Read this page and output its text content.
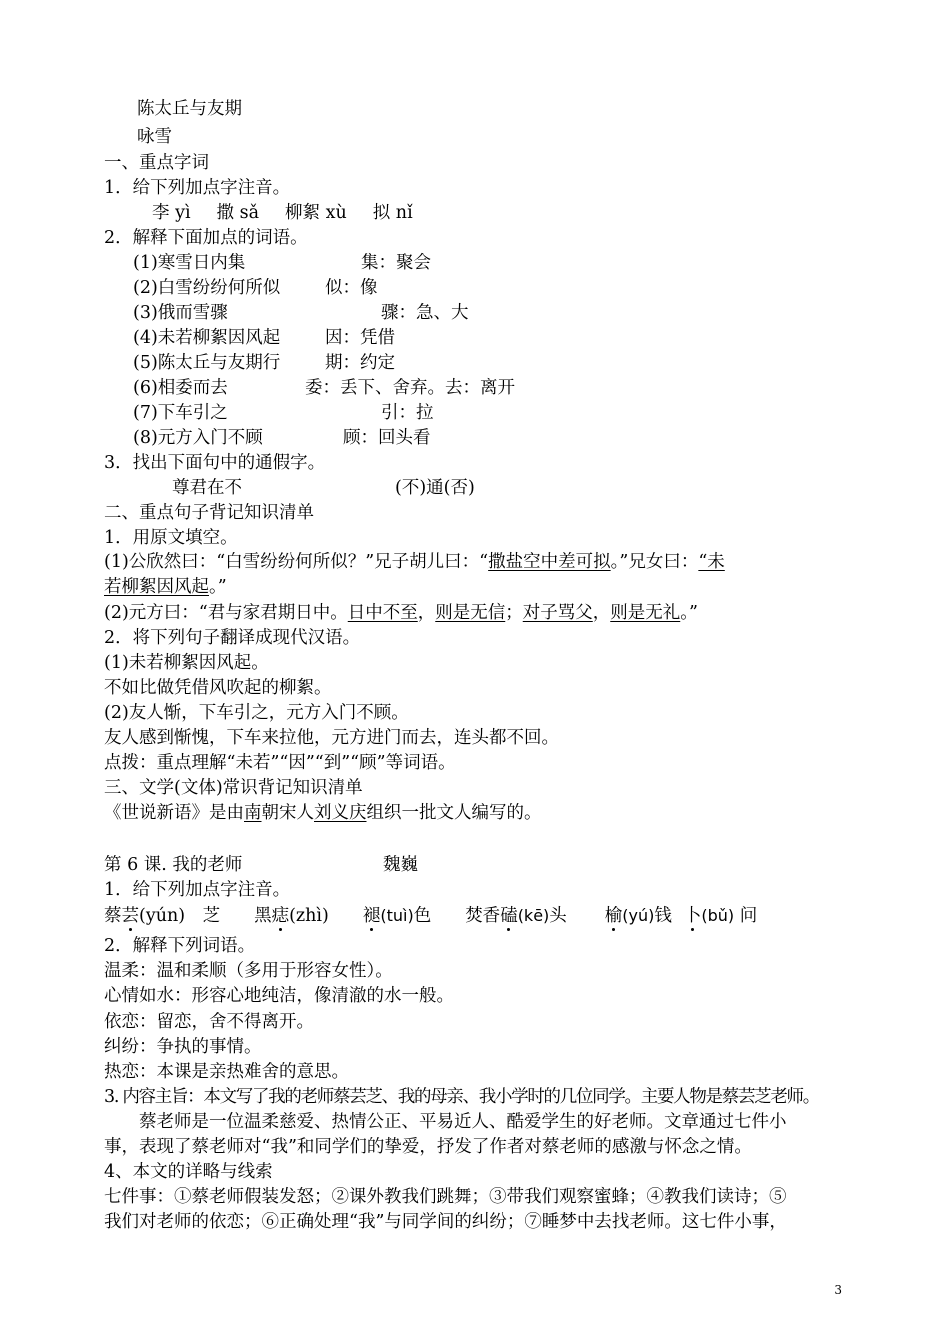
陈太丘与友期
咏雪
一、重点字词
1．给下列加点字注音。
李 yì 撒 sǎ 柳絮 xù 拟 nǐ
2．解释下面加点的词语。
(1)寒雪日内集	集：聚会
(2)白雪纷纷何所似	似：像
(3)俄而雪骤	骤：急、大
(4)未若柳絮因风起	因：凭借
(5)陈太丘与友期行	期：约定
(6)相委而去	委：丢下、舍弃。去：离开
(7)下车引之	引：拉
(8)元方入门不顾	顾：回头看
3．找出下面句中的通假字。
尊君在不	(不)通(否)
二、重点句子背记知识清单
1．用原文填空。
(1)公欣然曰：“白雪纷纷何所似？”兄子胡儿曰：“撒盐空中差可拟。”兄女曰：“未
若柳絮因风起。”
(2)元方曰：“君与家君期日中。日中不至，则是无信；对子骂父，则是无礼。”
2．将下列句子翻译成现代汉语。
(1)未若柳絮因风起。
不如比做凭借风吹起的柳絮。
(2)友人惭，下车引之，元方入门不顾。
友人感到惭愧，下车来拉他，元方进门而去，连头都不回。
点拨：重点理解“未若”“因”“到”“顾”等词语。
三、文学(文体)常识背记知识清单
《世说新语》是由南朝宋人刘义庆组织一批文人编写的。
第 6 课. 我的老师	魏巍
1．给下列加点字注音。
蔡芸(yún)　芝 黑痣(zhì) 褪(tuì)色 焚香磕(kē)头 榆(yú)钱 卜(bǔ) 问
2．解释下列词语。
温柔：温和柔顺（多用于形容女性）。
心情如水：形容心地纯洁，像清澈的水一般。
依恋：留恋，舍不得离开。
纠纷：争执的事情。
热恋：本课是亲热难舍的意思。
3. 内容主旨：本文写了我的老师蔡芸芝、我的母亲、我小学时的几位同学。主要人物是蔡芸芝老师。
　　蔡老师是一位温柔慈爱、热情公正、平易近人、酷爱学生的好老师。文章通过七件小
事，表现了蔡老师对“我”和同学们的挚爱，抒发了作者对蔡老师的感激与怀念之情。
4、本文的详略与线索
七件事：①蔡老师假装发怒；②课外教我们跳舞；③带我们观察蜜蜂；④教我们读诗；⑤
我们对老师的依恋；⑥正确处理“我”与同学间的纠纷；⑦睡梦中去找老师。这七件小事，
3
